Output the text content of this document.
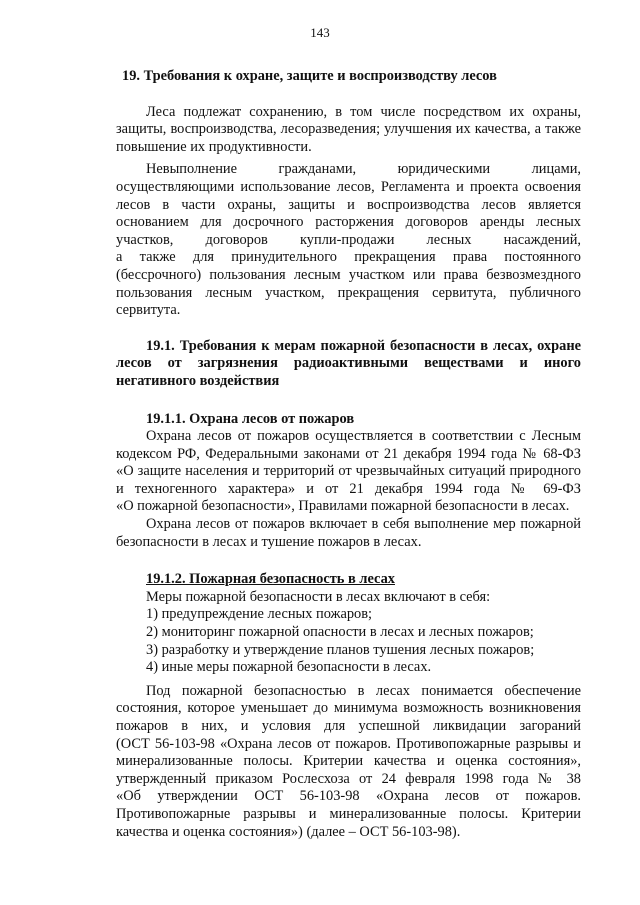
143

19. Требования к охране, защите и воспроизводству лесов

Леса подлежат сохранению, в том числе посредством их охраны,

защиты, воспроизводства, лесоразведения; улучшения их качества, а также

повышение их продуктивности.

Невыполнение гражданами, юридическими лицами,

осуществляющими использование лесов, Регламента и проекта освоения

лесов в части охраны, защиты и воспроизводства лесов является

основанием для досрочного расторжения договоров аренды лесных

участков, договоров купли-продажи лесных насаждений,

а также для принудительного прекращения права постоянного

(бессрочного) пользования лесным участком или права безвозмездного

пользования лесным участком, прекращения сервитута, публичного

сервитута.

19.1. Требования к мерам пожарной безопасности в лесах, охране

лесов от загрязнения радиоактивными веществами и иного

негативного воздействия

19.1.1. Охрана лесов от пожаров

Охрана лесов от пожаров осуществляется в соответствии с Лесным

кодексом РФ, Федеральными законами от 21 декабря 1994 года № 68-ФЗ

«О защите населения и территорий от чрезвычайных ситуаций природного

и техногенного характера» и от 21 декабря 1994 года № 69-ФЗ

«О пожарной безопасности», Правилами пожарной безопасности в лесах.

Охрана лесов от пожаров включает в себя выполнение мер пожарной

безопасности в лесах и тушение пожаров в лесах.

19.1.2. Пожарная безопасность в лесах

Меры пожарной безопасности в лесах включают в себя:

1) предупреждение лесных пожаров;

2) мониторинг пожарной опасности в лесах и лесных пожаров;

3) разработку и утверждение планов тушения лесных пожаров;

4) иные меры пожарной безопасности в лесах.

Под пожарной безопасностью в лесах понимается обеспечение

состояния, которое уменьшает до минимума возможность возникновения

пожаров в них, и условия для успешной ликвидации загораний

(ОСТ 56-103-98 «Охрана лесов от пожаров. Противопожарные разрывы и

минерализованные полосы. Критерии качества и оценка состояния»,

утвержденный приказом Рослесхоза от 24 февраля 1998 года № 38

«Об утверждении ОСТ 56-103-98 «Охрана лесов от пожаров.

Противопожарные разрывы и минерализованные полосы. Критерии

качества и оценка состояния») (далее – ОСТ 56-103-98).
